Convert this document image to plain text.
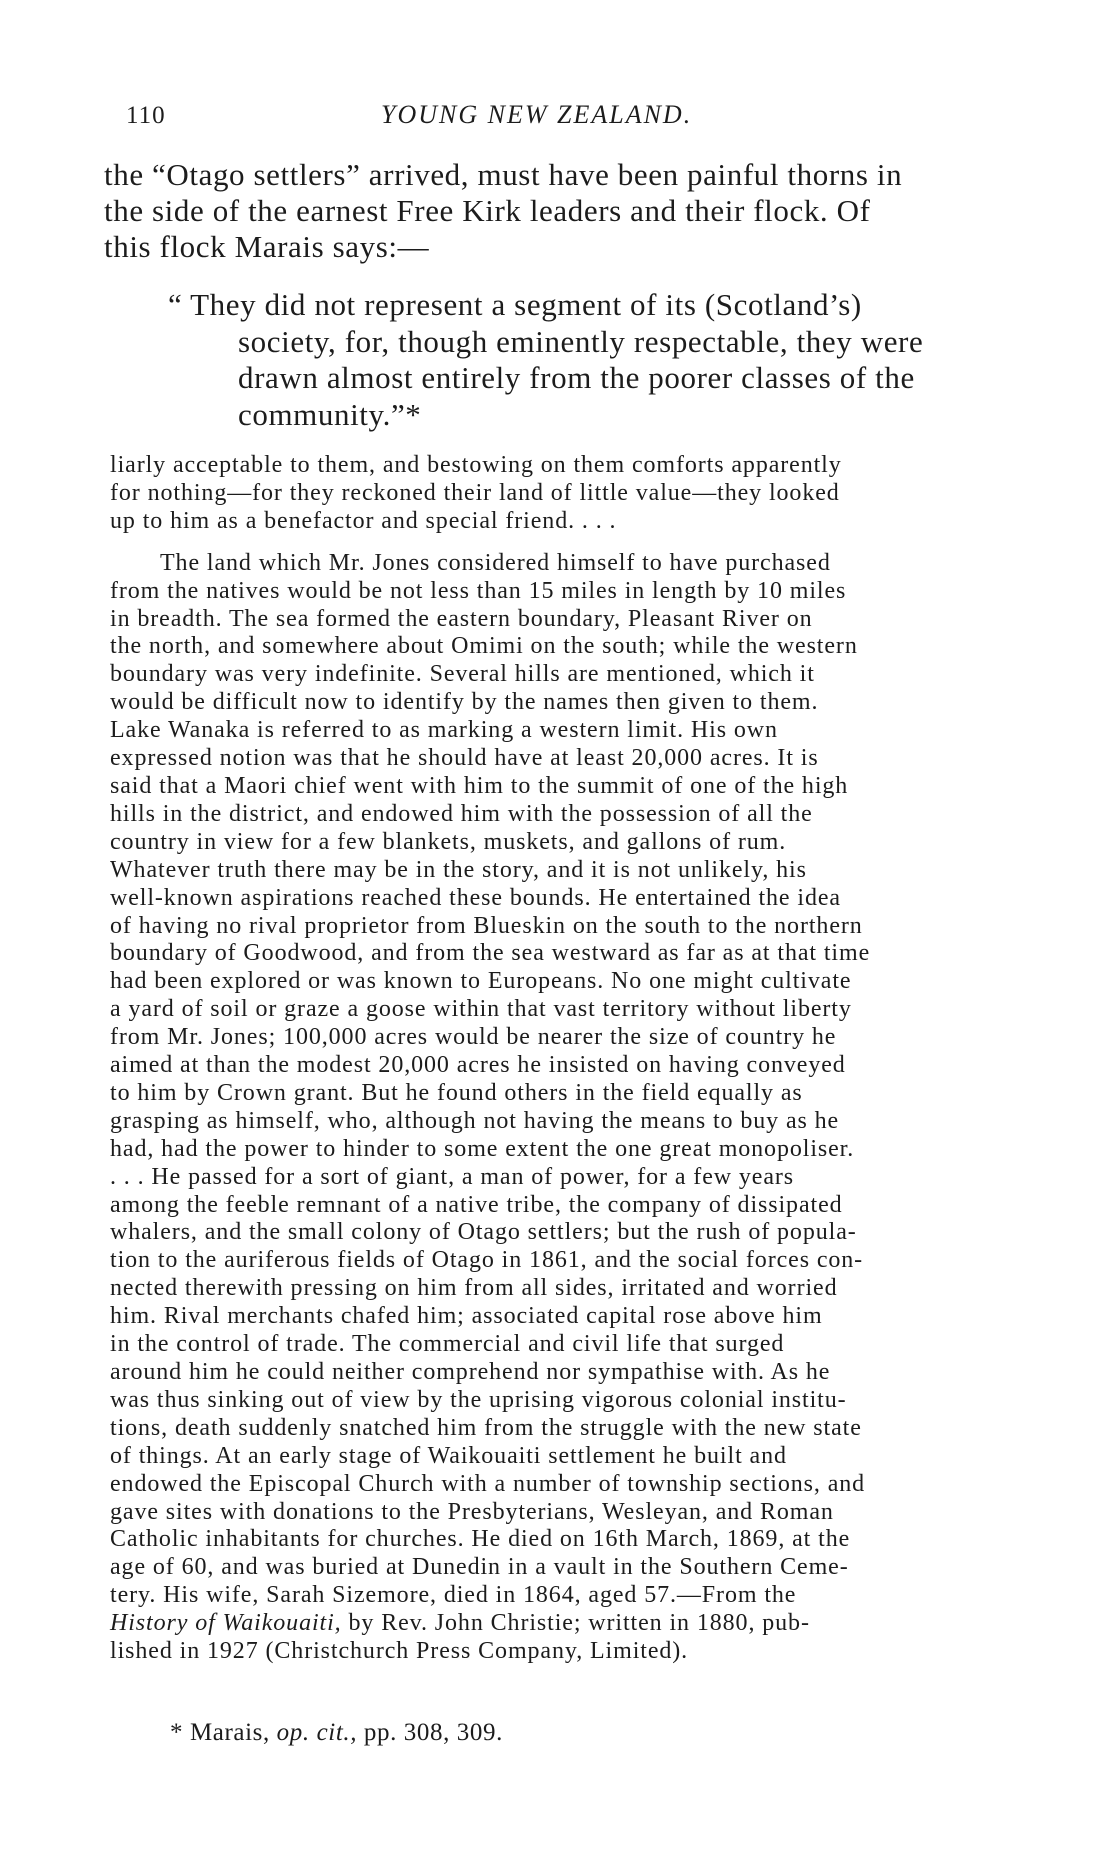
110	YOUNG NEW ZEALAND.
the “Otago settlers” arrived, must have been painful thorns in
the side of the earnest Free Kirk leaders and their flock. Of
this flock Marais says:—
“ They did not represent a segment of its (Scotland’s)
society, for, though eminently respectable, they were
drawn almost entirely from the poorer classes of the
community.”*
liarly acceptable to them, and bestowing on them comforts apparently
for nothing—for they reckoned their land of little value—they looked
up to him as a benefactor and special friend. . . .
The land which Mr. Jones considered himself to have purchased
from the natives would be not less than 15 miles in length by 10 miles
in breadth. The sea formed the eastern boundary, Pleasant River on
the north, and somewhere about Omimi on the south; while the western
boundary was very indefinite. Several hills are mentioned, which it
would be difficult now to identify by the names then given to them.
Lake Wanaka is referred to as marking a western limit. His own
expressed notion was that he should have at least 20,000 acres. It is
said that a Maori chief went with him to the summit of one of the high
hills in the district, and endowed him with the possession of all the
country in view for a few blankets, muskets, and gallons of rum.
Whatever truth there may be in the story, and it is not unlikely, his
well-known aspirations reached these bounds. He entertained the idea
of having no rival proprietor from Blueskin on the south to the northern
boundary of Goodwood, and from the sea westward as far as at that time
had been explored or was known to Europeans. No one might cultivate
a yard of soil or graze a goose within that vast territory without liberty
from Mr. Jones; 100,000 acres would be nearer the size of country he
aimed at than the modest 20,000 acres he insisted on having conveyed
to him by Crown grant. But he found others in the field equally as
grasping as himself, who, although not having the means to buy as he
had, had the power to hinder to some extent the one great monopoliser.
. . . He passed for a sort of giant, a man of power, for a few years
among the feeble remnant of a native tribe, the company of dissipated
whalers, and the small colony of Otago settlers; but the rush of popula-
tion to the auriferous fields of Otago in 1861, and the social forces con-
nected therewith pressing on him from all sides, irritated and worried
him. Rival merchants chafed him; associated capital rose above him
in the control of trade. The commercial and civil life that surged
around him he could neither comprehend nor sympathise with. As he
was thus sinking out of view by the uprising vigorous colonial institu-
tions, death suddenly snatched him from the struggle with the new state
of things. At an early stage of Waikouaiti settlement he built and
endowed the Episcopal Church with a number of township sections, and
gave sites with donations to the Presbyterians, Wesleyan, and Roman
Catholic inhabitants for churches. He died on 16th March, 1869, at the
age of 60, and was buried at Dunedin in a vault in the Southern Ceme-
tery. His wife, Sarah Sizemore, died in 1864, aged 57.—From the
History of Waikouaiti, by Rev. John Christie; written in 1880, pub-
lished in 1927 (Christchurch Press Company, Limited).
* Marais, op. cit., pp. 308, 309.
